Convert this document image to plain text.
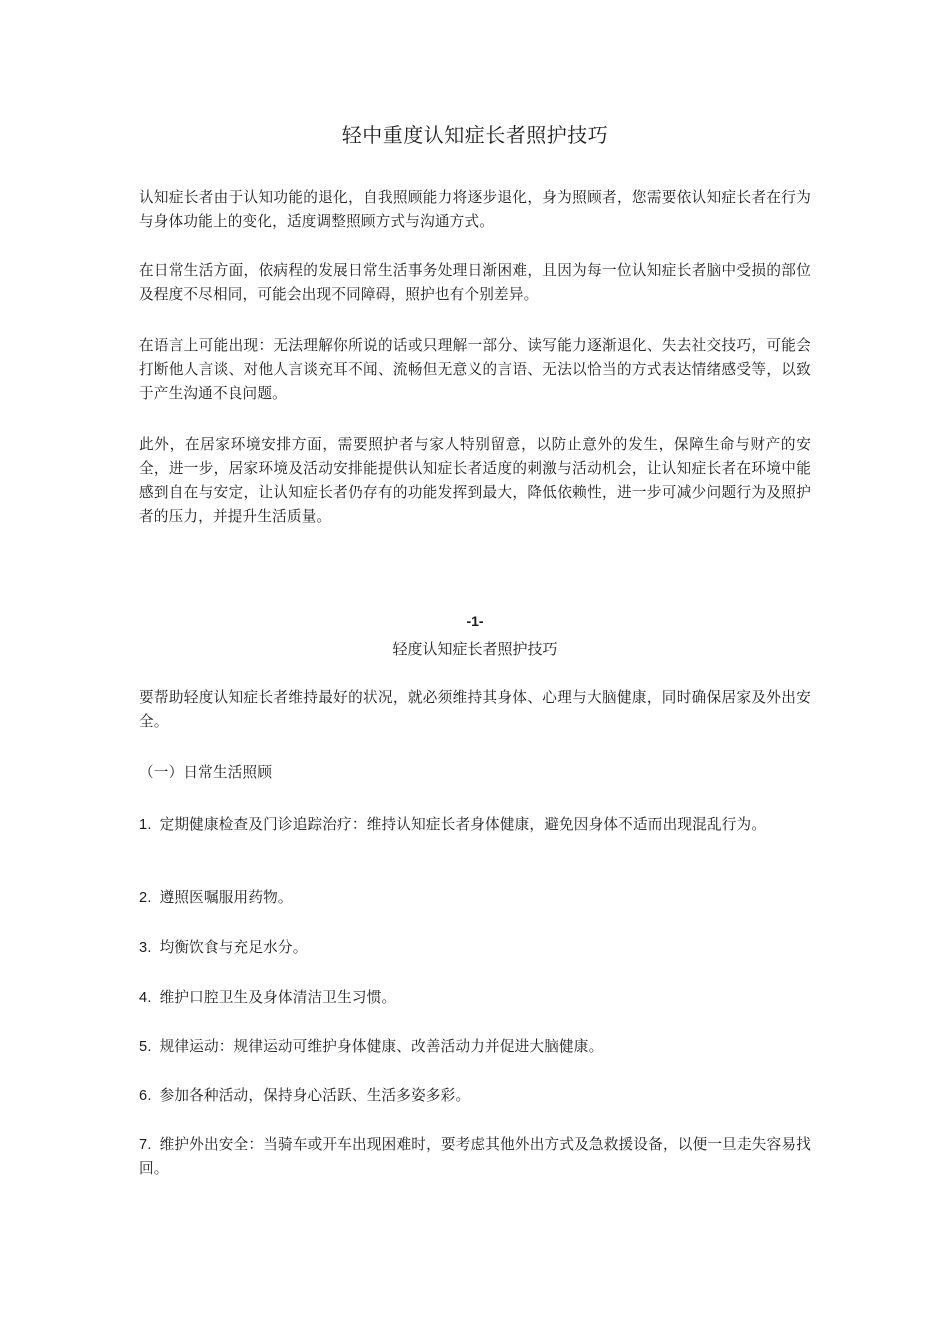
轻中重度认知症长者照护技巧

认知症长者由于认知功能的退化，自我照顾能力将逐步退化，身为照顾者，您需要依认知症长者在行为与身体功能上的变化，适度调整照顾方式与沟通方式。

在日常生活方面，依病程的发展日常生活事务处理日渐困难，且因为每一位认知症长者脑中受损的部位及程度不尽相同，可能会出现不同障碍，照护也有个别差异。

在语言上可能出现：无法理解你所说的话或只理解一部分、读写能力逐渐退化、失去社交技巧，可能会打断他人言谈、对他人言谈充耳不闻、流畅但无意义的言语、无法以恰当的方式表达情绪感受等，以致于产生沟通不良问题。

此外，在居家环境安排方面，需要照护者与家人特别留意，以防止意外的发生，保障生命与财产的安全，进一步，居家环境及活动安排能提供认知症长者适度的刺激与活动机会，让认知症长者在环境中能感到自在与安定，让认知症长者仍存有的功能发挥到最大，降低依赖性，进一步可减少问题行为及照护者的压力，并提升生活质量。

-1-
轻度认知症长者照护技巧

要帮助轻度认知症长者维持最好的状况，就必须维持其身体、心理与大脑健康，同时确保居家及外出安全。

（一）日常生活照顾

1. 定期健康检查及门诊追踪治疗：维持认知症长者身体健康，避免因身体不适而出现混乱行为。

2. 遵照医嘱服用药物。

3. 均衡饮食与充足水分。

4. 维护口腔卫生及身体清洁卫生习惯。

5. 规律运动：规律运动可维护身体健康、改善活动力并促进大脑健康。

6. 参加各种活动，保持身心活跃、生活多姿多彩。

7. 维护外出安全：当骑车或开车出现困难时，要考虑其他外出方式及急救援设备，以便一旦走失容易找回。
